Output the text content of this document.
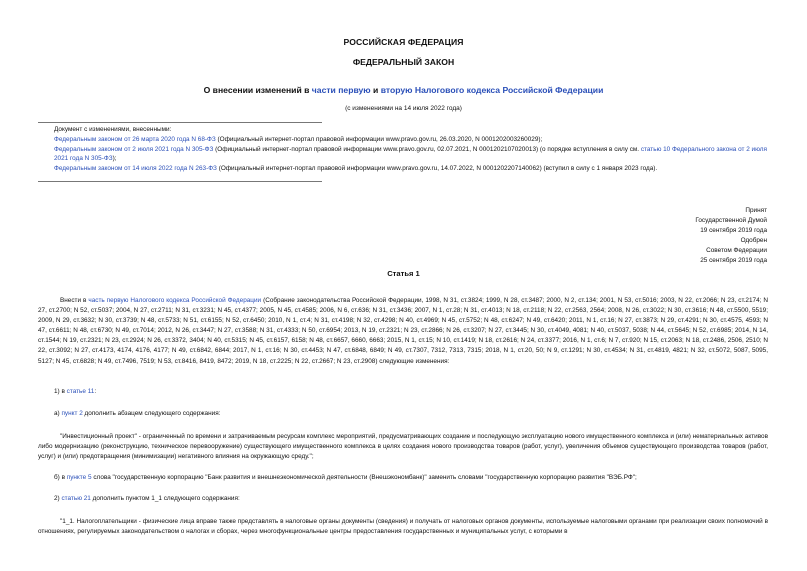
РОССИЙСКАЯ ФЕДЕРАЦИЯ
ФЕДЕРАЛЬНЫЙ ЗАКОН
О внесении изменений в части первую и вторую Налогового кодекса Российской Федерации
(с изменениями на 14 июля 2022 года)

Документ с изменениями, внесенными:

Федеральным законом от 26 марта 2020 года N 68-ФЗ (Официальный интернет-портал правовой информации www.pravo.gov.ru, 26.03.2020, N 0001202003260029);

Федеральным законом от 2 июля 2021 года N 305-ФЗ (Официальный интернет-портал правовой информации www.pravo.gov.ru, 02.07.2021, N 0001202107020013) (о порядке вступления в силу см. статью 10 Федерального закона от 2 июля 2021 года N 305-ФЗ);

Федеральным законом от 14 июля 2022 года N 263-ФЗ (Официальный интернет-портал правовой информации www.pravo.gov.ru, 14.07.2022, N 0001202207140062) (вступил в силу с 1 января 2023 года).

Принят

Государственной Думой

19 сентября 2019 года

Одобрен

Советом Федерации

25 сентября 2019 года

Статья 1

Внести в часть первую Налогового кодекса Российской Федерации (Собрание законодательства Российской Федерации, 1998, N 31, ст.3824; 1999, N 28, ст.3487; 2000, N 2, ст.134; 2001, N 53, ст.5016; 2003, N 22, ст.2066; N 23, ст.2174; N 27, ст.2700; N 52, ст.5037; 2004, N 27, ст.2711; N 31, ст.3231; N 45, ст.4377; 2005, N 45, ст.4585; 2006, N 6, ст.636; N 31, ст.3436; 2007, N 1, ст.28; N 31, ст.4013; N 18, ст.2118; N 22, ст.2563, 2564; 2008, N 26, ст.3022; N 30, ст.3616; N 48, ст.5500, 5519; 2009, N 29, ст.3632; N 30, ст.3739; N 48, ст.5733; N 51, ст.6155; N 52, ст.6450; 2010, N 1, ст.4; N 31, ст.4198; N 32, ст.4298; N 40, ст.4969; N 45, ст.5752; N 48, ст.6247; N 49, ст.6420; 2011, N 1, ст.16; N 27, ст.3873; N 29, ст.4291; N 30, ст.4575, 4593; N 47, ст.6611; N 48, ст.6730; N 49, ст.7014; 2012, N 26, ст.3447; N 27, ст.3588; N 31, ст.4333; N 50, ст.6954; 2013, N 19, ст.2321; N 23, ст.2866; N 26, ст.3207; N 27, ст.3445; N 30, ст.4049, 4081; N 40, ст.5037, 5038; N 44, ст.5645; N 52, ст.6985; 2014, N 14, ст.1544; N 19, ст.2321; N 23, ст.2924; N 26, ст.3372, 3404; N 40, ст.5315; N 45, ст.6157, 6158; N 48, ст.6657, 6660, 6663; 2015, N 1, ст.15; N 10, ст.1419; N 18, ст.2616; N 24, ст.3377; 2016, N 1, ст.6; N 7, ст.920; N 15, ст.2063; N 18, ст.2486, 2506, 2510; N 22, ст.3092; N 27, ст.4173, 4174, 4176, 4177; N 49, ст.6842, 6844; 2017, N 1, ст.16; N 30, ст.4453; N 47, ст.6848, 6849; N 49, ст.7307, 7312, 7313, 7315; 2018, N 1, ст.20, 50; N 9, ст.1291; N 30, ст.4534; N 31, ст.4819, 4821; N 32, ст.5072, 5087, 5095, 5127; N 45, ст.6828; N 49, ст.7496, 7519; N 53, ст.8416, 8419, 8472; 2019, N 18, ст.2225; N 22, ст.2667; N 23, ст.2908) следующие изменения:

1) в статье 11:

а) пункт 2 дополнить абзацем следующего содержания:

"Инвестиционный проект" - ограниченный по времени и затрачиваемым ресурсам комплекс мероприятий, предусматривающих создание и последующую эксплуатацию нового имущественного комплекса и (или) нематериальных активов либо модернизацию (реконструкцию, техническое перевооружение) существующего имущественного комплекса в целях создания нового производства товаров (работ, услуг), увеличения объемов существующего производства товаров (работ, услуг) и (или) предотвращения (минимизации) негативного влияния на окружающую среду.";

б) в пункте 5 слова "государственную корпорацию "Банк развития и внешнеэкономической деятельности (Внешэкономбанк)" заменить словами "государственную корпорацию развития "ВЭБ.РФ";

2) статью 21 дополнить пунктом 1_1 следующего содержания:

"1_1. Налогоплательщики - физические лица вправе также представлять в налоговые органы документы (сведения) и получать от налоговых органов документы, используемые налоговыми органами при реализации своих полномочий в отношениях, регулируемых законодательством о налогах и сборах, через многофункциональные центры предоставления государственных и муниципальных услуг, с которыми в
